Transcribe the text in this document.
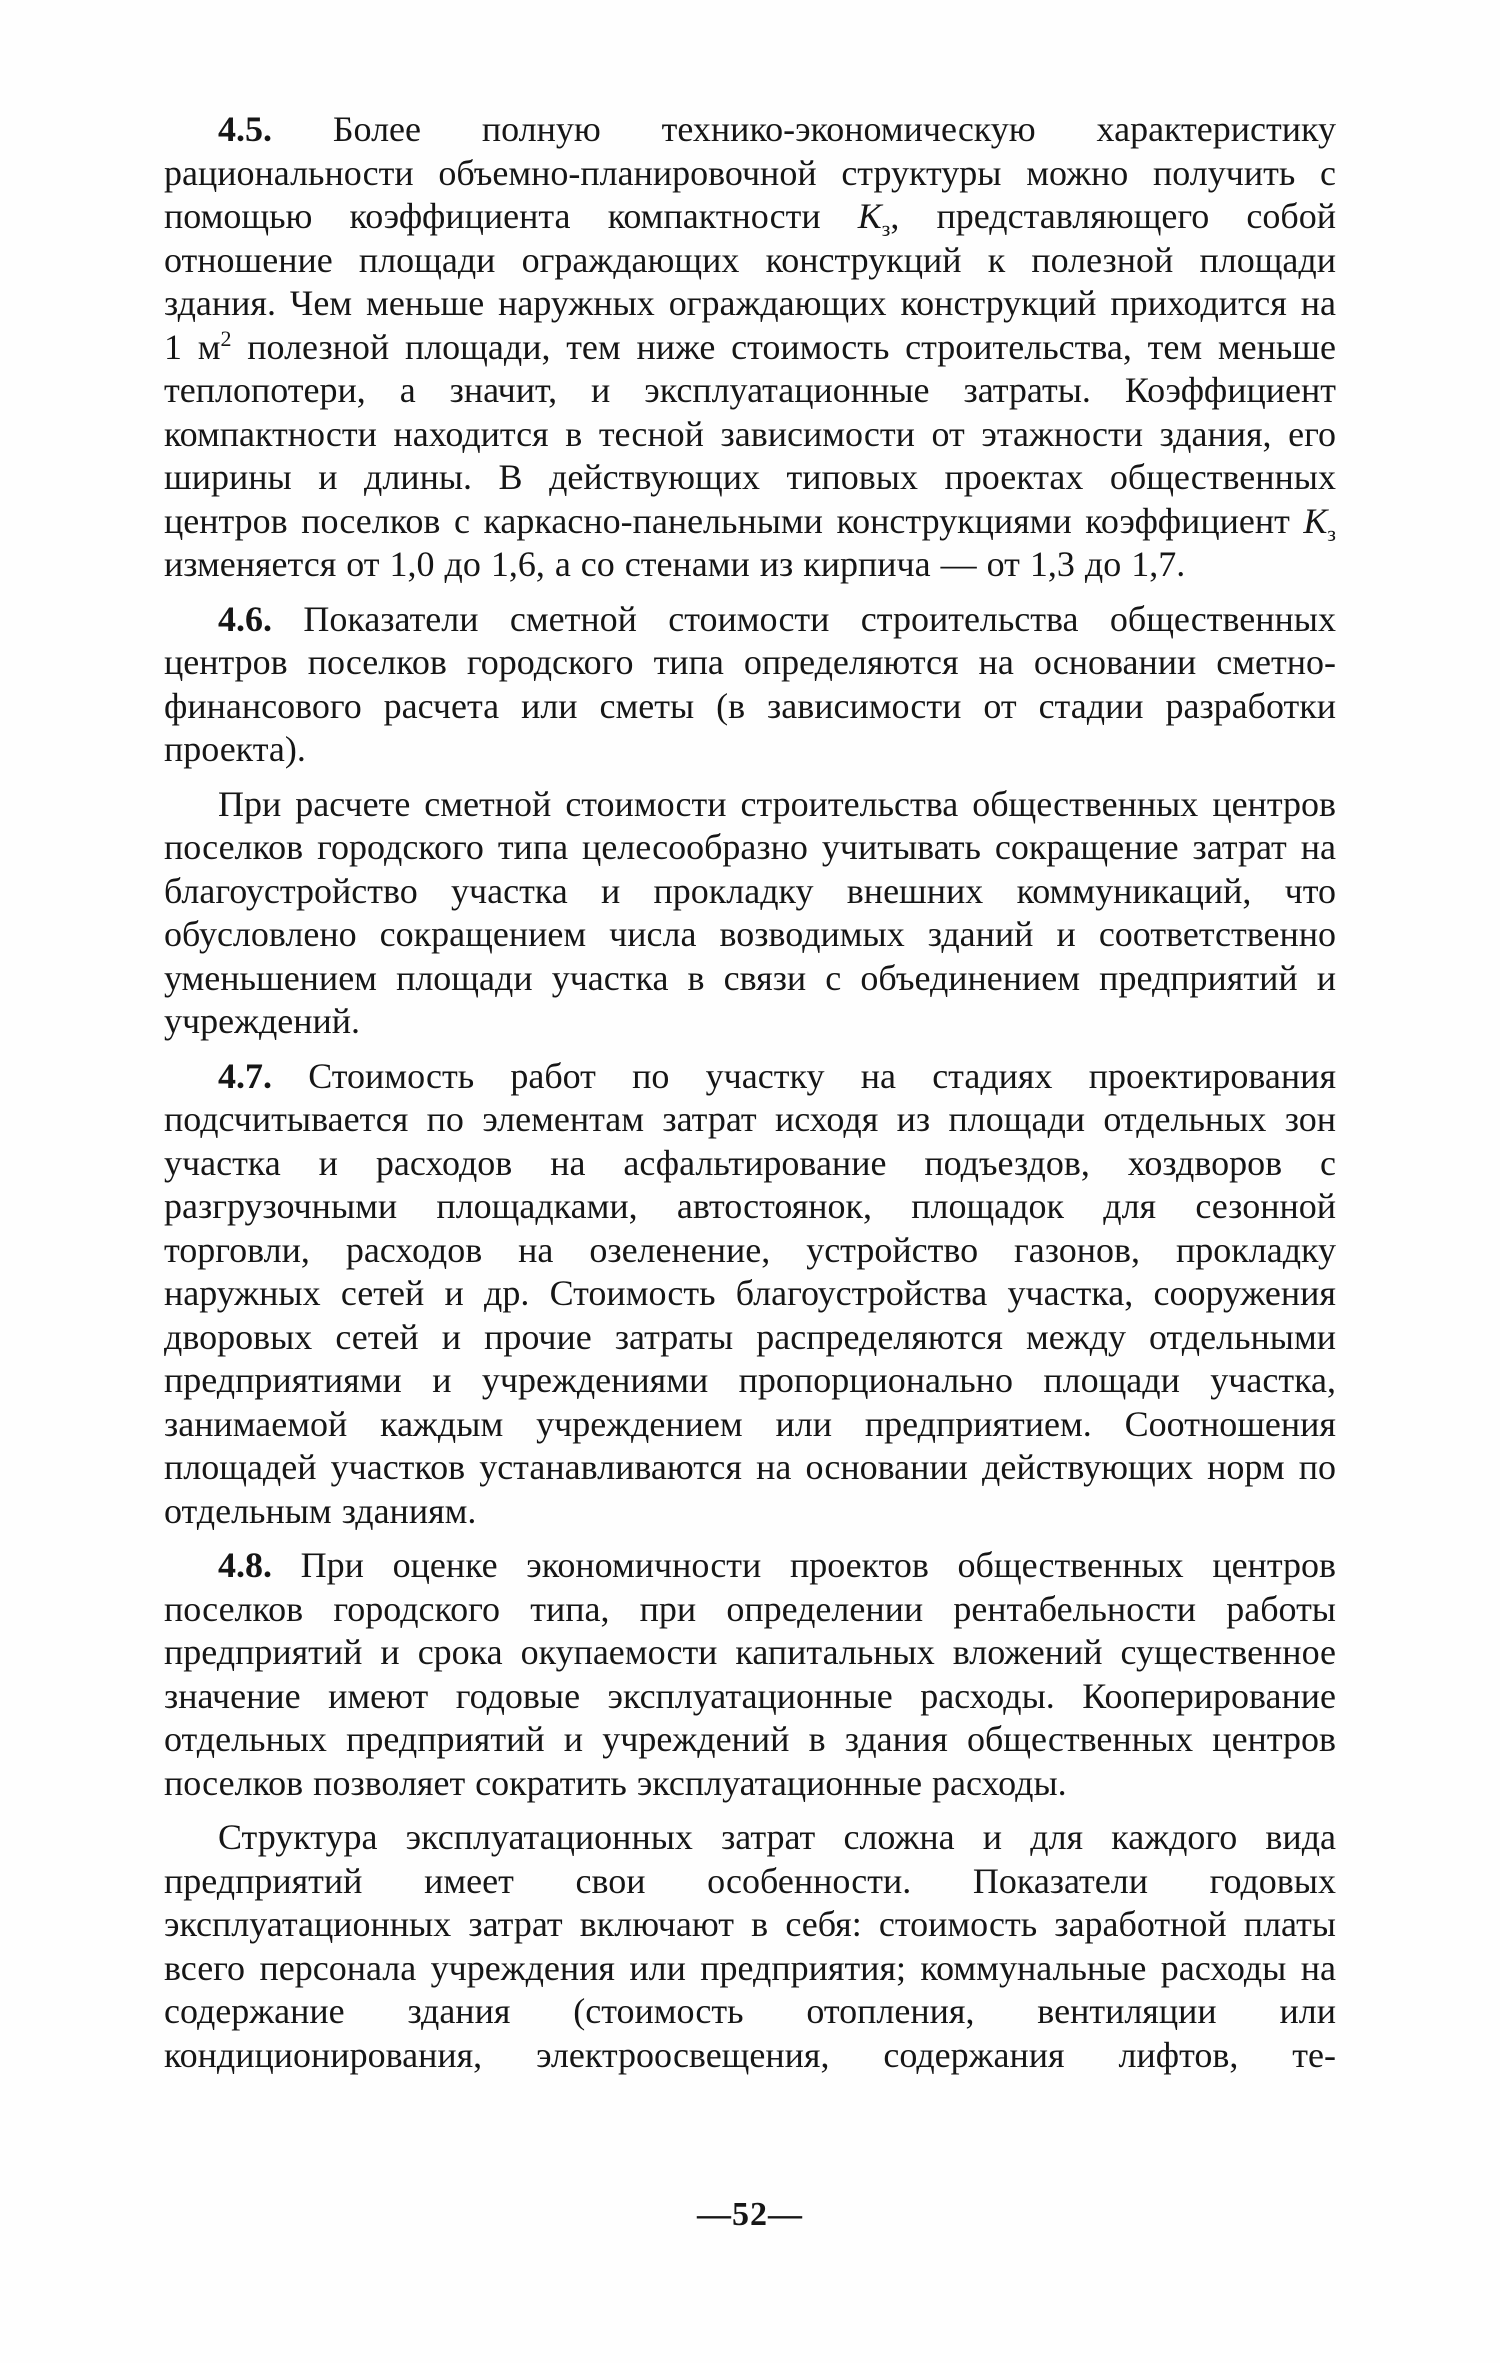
4.5. Более полную технико-экономическую характеристику рациональности объемно-планировочной структуры можно получить с помощью коэффициента компактности $К_з$, представляющего собой отношение площади ограждающих конструкций к полезной площади здания. Чем меньше наружных ограждающих конструкций приходится на 1 $м^2$ полезной площади, тем ниже стоимость строительства, тем меньше теплопотери, а значит, и эксплуатационные затраты. Коэффициент компактности находится в тесной зависимости от этажности здания, его ширины и длины. В действующих типовых проектах общественных центров поселков с каркасно-панельными конструкциями коэффициент $К_з$ изменяется от 1,0 до 1,6, а со стенами из кирпича — от 1,3 до 1,7.

4.6. Показатели сметной стоимости строительства общественных центров поселков городского типа определяются на основании сметно-финансового расчета или сметы (в зависимости от стадии разработки проекта).

При расчете сметной стоимости строительства общественных центров поселков городского типа целесообразно учитывать сокращение затрат на благоустройство участка и прокладку внешних коммуникаций, что обусловлено сокращением числа возводимых зданий и соответственно уменьшением площади участка в связи с объединением предприятий и учреждений.

4.7. Стоимость работ по участку на стадиях проектирования подсчитывается по элементам затрат исходя из площади отдельных зон участка и расходов на асфальтирование подъездов, хоздворов с разгрузочными площадками, автостоянок, площадок для сезонной торговли, расходов на озеленение, устройство газонов, прокладку наружных сетей и др. Стоимость благоустройства участка, сооружения дворовых сетей и прочие затраты распределяются между отдельными предприятиями и учреждениями пропорционально площади участка, занимаемой каждым учреждением или предприятием. Соотношения площадей участков устанавливаются на основании действующих норм по отдельным зданиям.

4.8. При оценке экономичности проектов общественных центров поселков городского типа, при определении рентабельности работы предприятий и срока окупаемости капитальных вложений существенное значение имеют годовые эксплуатационные расходы. Кооперирование отдельных предприятий и учреждений в здания общественных центров поселков позволяет сократить эксплуатационные расходы.

Структура эксплуатационных затрат сложна и для каждого вида предприятий имеет свои особенности. Показатели годовых эксплуатационных затрат включают в себя: стоимость заработной платы всего персонала учреждения или предприятия; коммунальные расходы на содержание здания (стоимость отопления, вентиляции или кондиционирования, электроосвещения, содержания лифтов, те-

—52—
